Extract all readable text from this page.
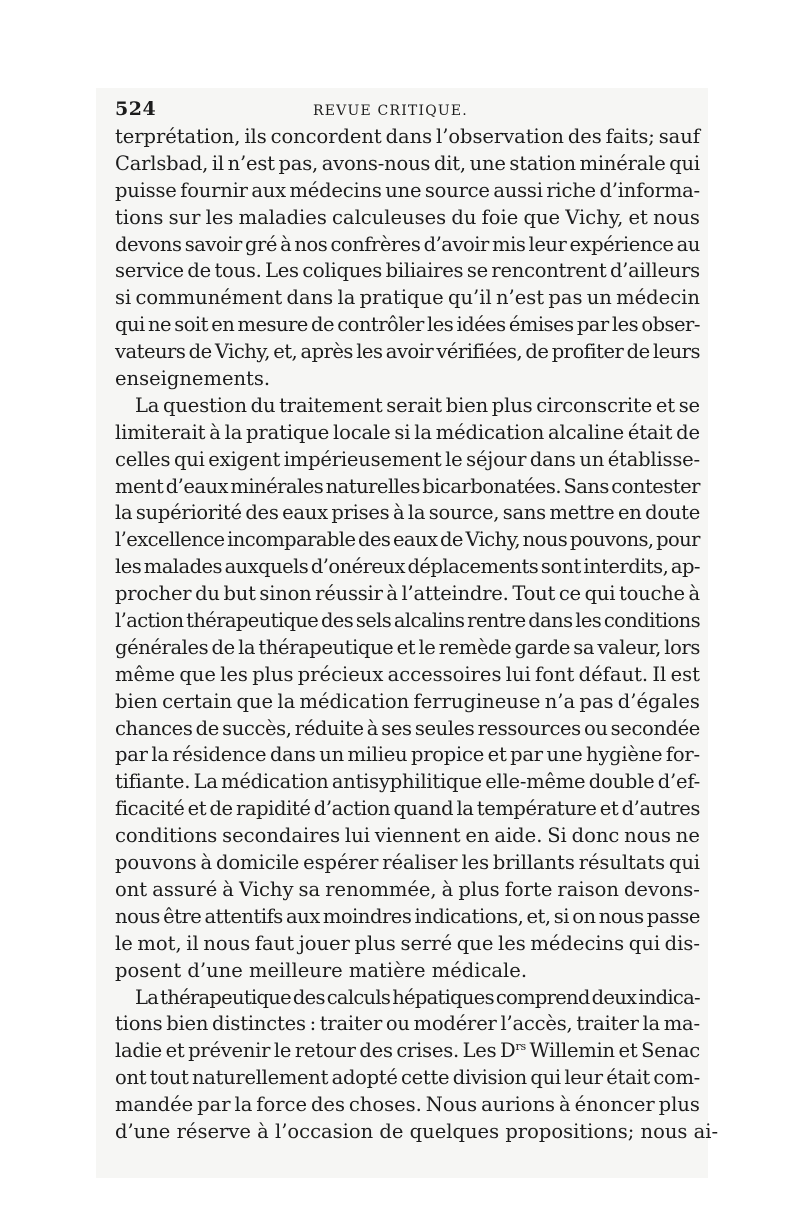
524	REVUE CRITIQUE.
terprétation, ils concordent dans l’observation des faits; sauf
Carlsbad, il n’est pas, avons-nous dit, une station minérale qui
puisse fournir aux médecins une source aussi riche d’informa-
tions sur les maladies calculeuses du foie que Vichy, et nous
devons savoir gré à nos confrères d’avoir mis leur expérience au
service de tous. Les coliques biliaires se rencontrent d’ailleurs
si communément dans la pratique qu’il n’est pas un médecin
qui ne soit en mesure de contrôler les idées émises par les obser-
vateurs de Vichy, et, après les avoir vérifiées, de profiter de leurs
enseignements.
La question du traitement serait bien plus circonscrite et se
limiterait à la pratique locale si la médication alcaline était de
celles qui exigent impérieusement le séjour dans un établisse-
ment d’eaux minérales naturelles bicarbonatées. Sans contester
la supériorité des eaux prises à la source, sans mettre en doute
l’excellence incomparable des eaux de Vichy, nous pouvons, pour
les malades auxquels d’onéreux déplacements sont interdits, ap-
procher du but sinon réussir à l’atteindre. Tout ce qui touche à
l’action thérapeutique des sels alcalins rentre dans les conditions
générales de la thérapeutique et le remède garde sa valeur, lors
même que les plus précieux accessoires lui font défaut. Il est
bien certain que la médication ferrugineuse n’a pas d’égales
chances de succès, réduite à ses seules ressources ou secondée
par la résidence dans un milieu propice et par une hygiène for-
tifiante. La médication antisyphilitique elle-même double d’ef-
ficacité et de rapidité d’action quand la température et d’autres
conditions secondaires lui viennent en aide. Si donc nous ne
pouvons à domicile espérer réaliser les brillants résultats qui
ont assuré à Vichy sa renommée, à plus forte raison devons-
nous être attentifs aux moindres indications, et, si on nous passe
le mot, il nous faut jouer plus serré que les médecins qui dis-
posent d’une meilleure matière médicale.
La thérapeutique des calculs hépatiques comprend deux indica-
tions bien distinctes : traiter ou modérer l’accès, traiter la ma-
ladie et prévenir le retour des crises. Les $D^{rs}$ Willemin et Senac
ont tout naturellement adopté cette division qui leur était com-
mandée par la force des choses. Nous aurions à énoncer plus
d’une réserve à l’occasion de quelques propositions; nous ai-
